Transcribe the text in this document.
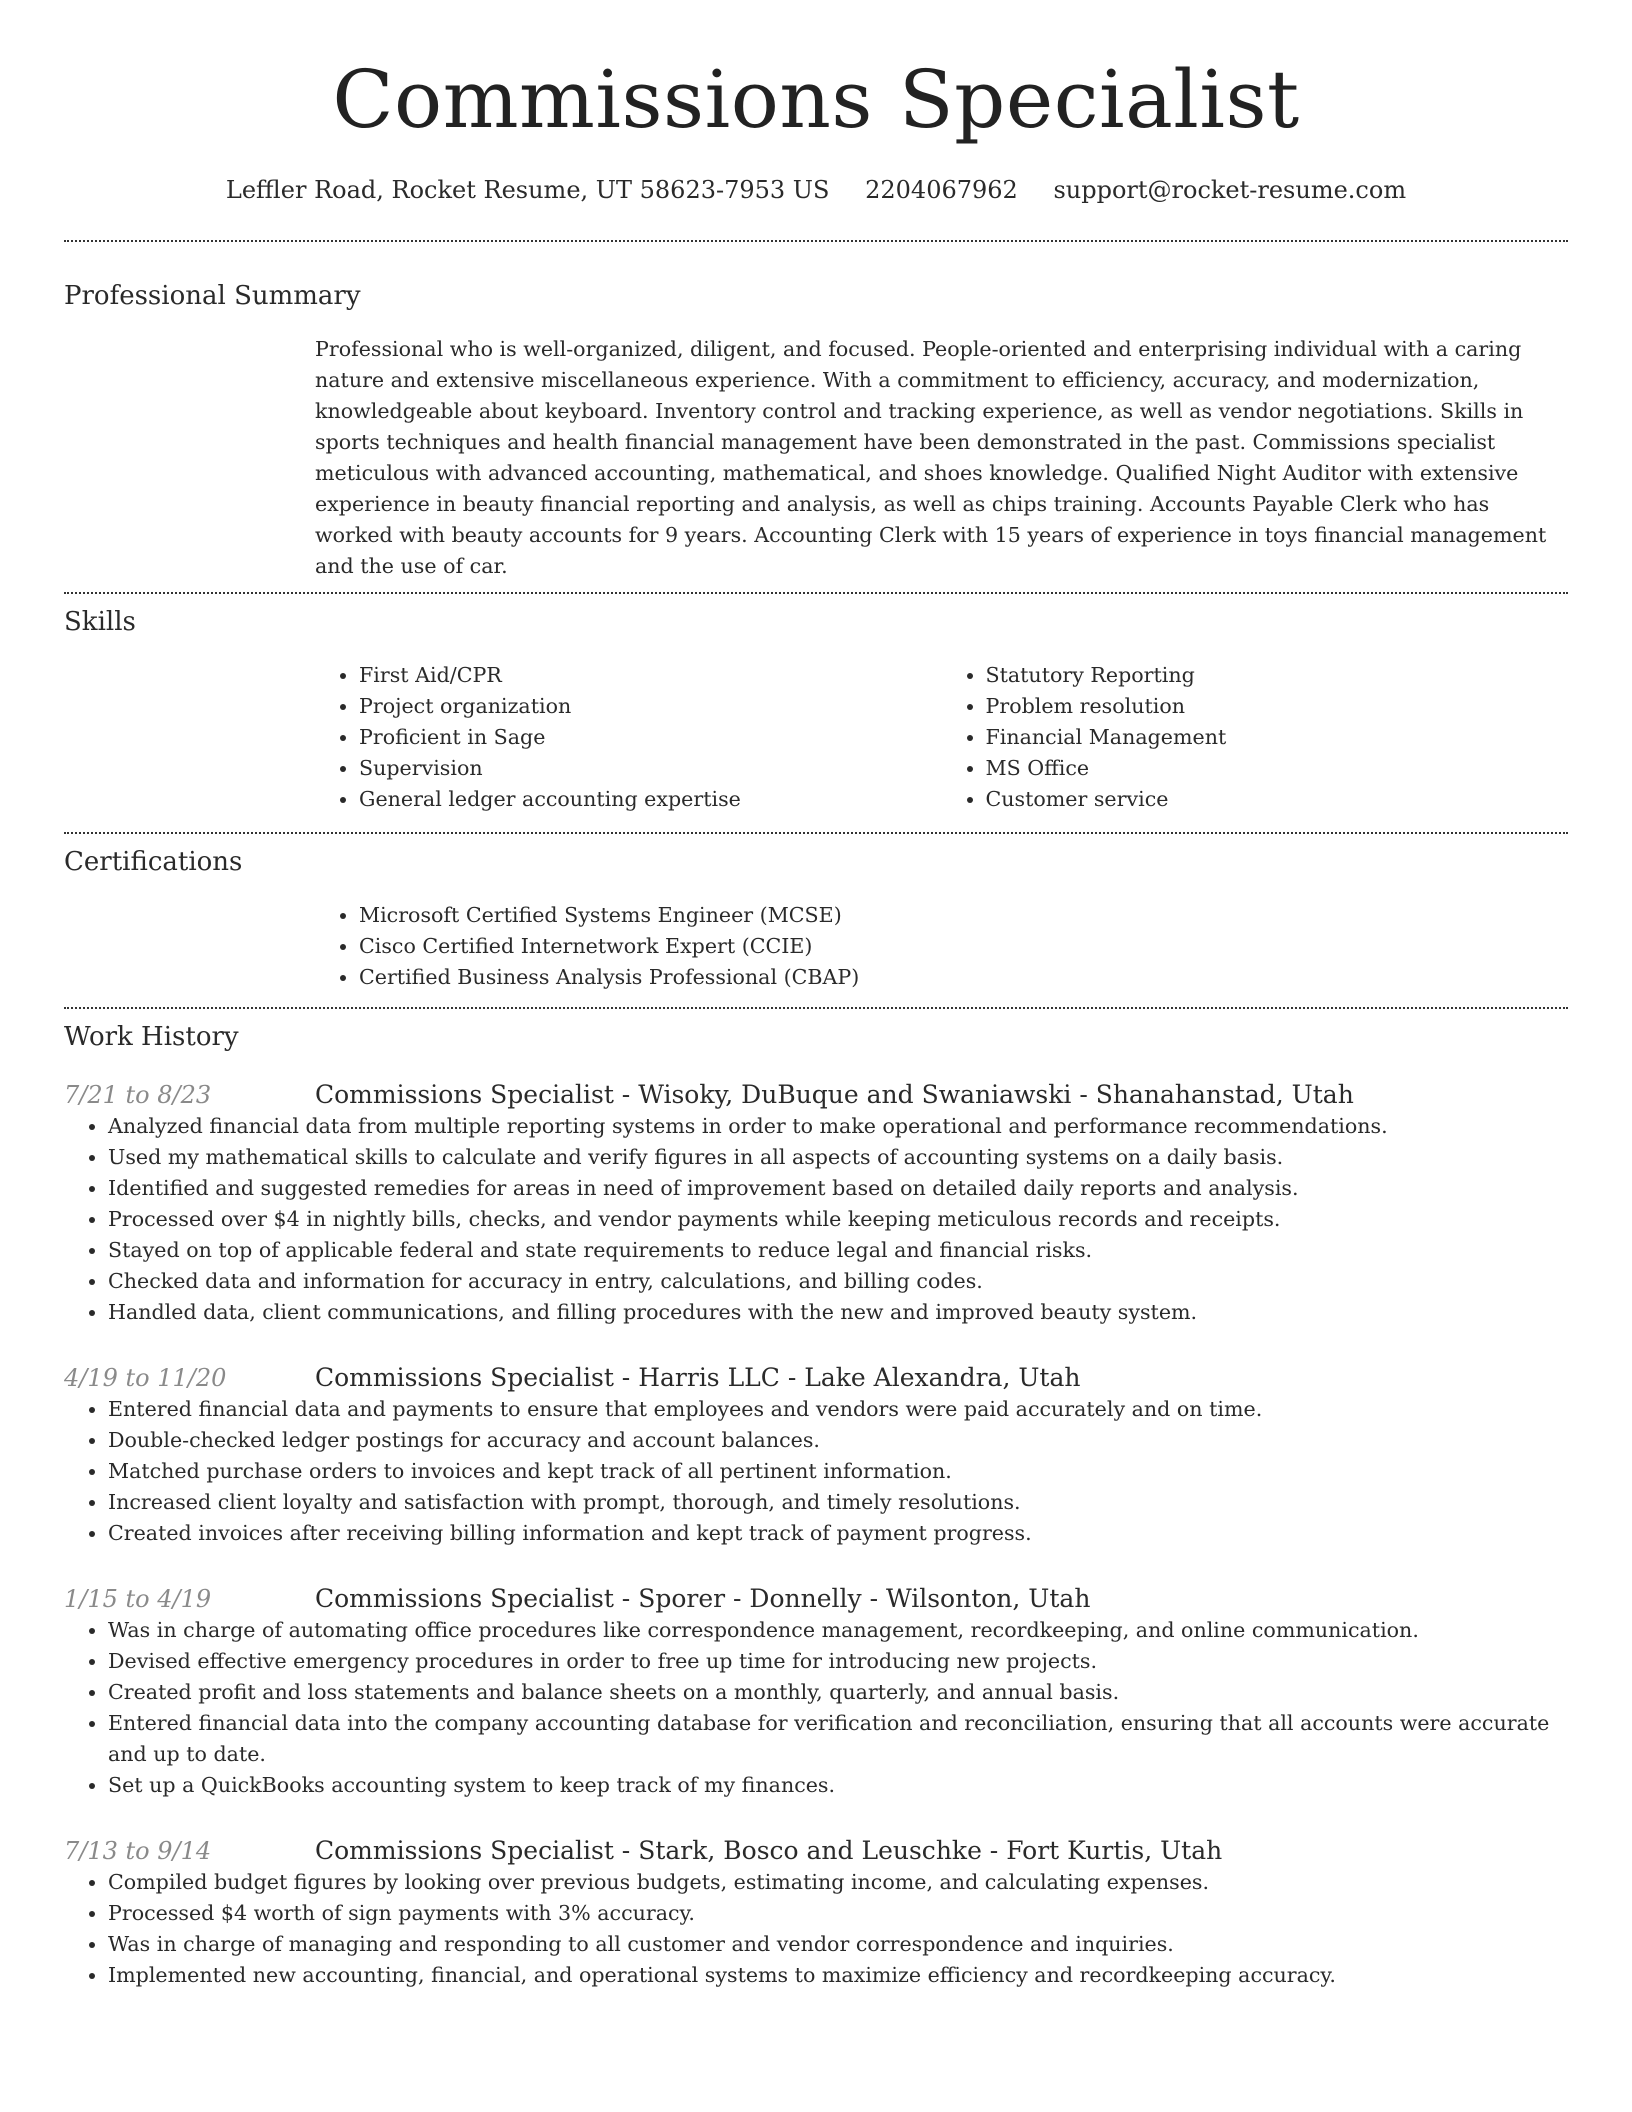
Commissions Specialist
Leffler Road, Rocket Resume, UT 58623-7953 US 2204067962 support@rocket-resume.com
Professional Summary

Professional who is well-organized, diligent, and focused. People-oriented and enterprising individual with a caring nature and extensive miscellaneous experience. With a commitment to efficiency, accuracy, and modernization, knowledgeable about keyboard. Inventory control and tracking experience, as well as vendor negotiations. Skills in sports techniques and health financial management have been demonstrated in the past. Commissions specialist meticulous with advanced accounting, mathematical, and shoes knowledge. Qualified Night Auditor with extensive experience in beauty financial reporting and analysis, as well as chips training. Accounts Payable Clerk who has worked with beauty accounts for 9 years. Accounting Clerk with 15 years of experience in toys financial management and the use of car.

Skills
• First Aid/CPR
• Project organization
• Proficient in Sage
• Supervision
• General ledger accounting expertise
• Statutory Reporting
• Problem resolution
• Financial Management
• MS Office
• Customer service
Certifications
• Microsoft Certified Systems Engineer (MCSE)
• Cisco Certified Internetwork Expert (CCIE)
• Certified Business Analysis Professional (CBAP)
Work History
7/21 to 8/23	Commissions Specialist - Wisoky, DuBuque and Swaniawski - Shanahanstad, Utah
• Analyzed financial data from multiple reporting systems in order to make operational and performance recommendations.
• Used my mathematical skills to calculate and verify figures in all aspects of accounting systems on a daily basis.
• Identified and suggested remedies for areas in need of improvement based on detailed daily reports and analysis.
• Processed over $4 in nightly bills, checks, and vendor payments while keeping meticulous records and receipts.
• Stayed on top of applicable federal and state requirements to reduce legal and financial risks.
• Checked data and information for accuracy in entry, calculations, and billing codes.
• Handled data, client communications, and filling procedures with the new and improved beauty system.
4/19 to 11/20	Commissions Specialist - Harris LLC - Lake Alexandra, Utah
• Entered financial data and payments to ensure that employees and vendors were paid accurately and on time.
• Double-checked ledger postings for accuracy and account balances.
• Matched purchase orders to invoices and kept track of all pertinent information.
• Increased client loyalty and satisfaction with prompt, thorough, and timely resolutions.
• Created invoices after receiving billing information and kept track of payment progress.
1/15 to 4/19	Commissions Specialist - Sporer - Donnelly - Wilsonton, Utah
• Was in charge of automating office procedures like correspondence management, recordkeeping, and online communication.
• Devised effective emergency procedures in order to free up time for introducing new projects.
• Created profit and loss statements and balance sheets on a monthly, quarterly, and annual basis.
• Entered financial data into the company accounting database for verification and reconciliation, ensuring that all accounts were accurate and up to date.
• Set up a QuickBooks accounting system to keep track of my finances.
7/13 to 9/14	Commissions Specialist - Stark, Bosco and Leuschke - Fort Kurtis, Utah
• Compiled budget figures by looking over previous budgets, estimating income, and calculating expenses.
• Processed $4 worth of sign payments with 3% accuracy.
• Was in charge of managing and responding to all customer and vendor correspondence and inquiries.
• Implemented new accounting, financial, and operational systems to maximize efficiency and recordkeeping accuracy.
